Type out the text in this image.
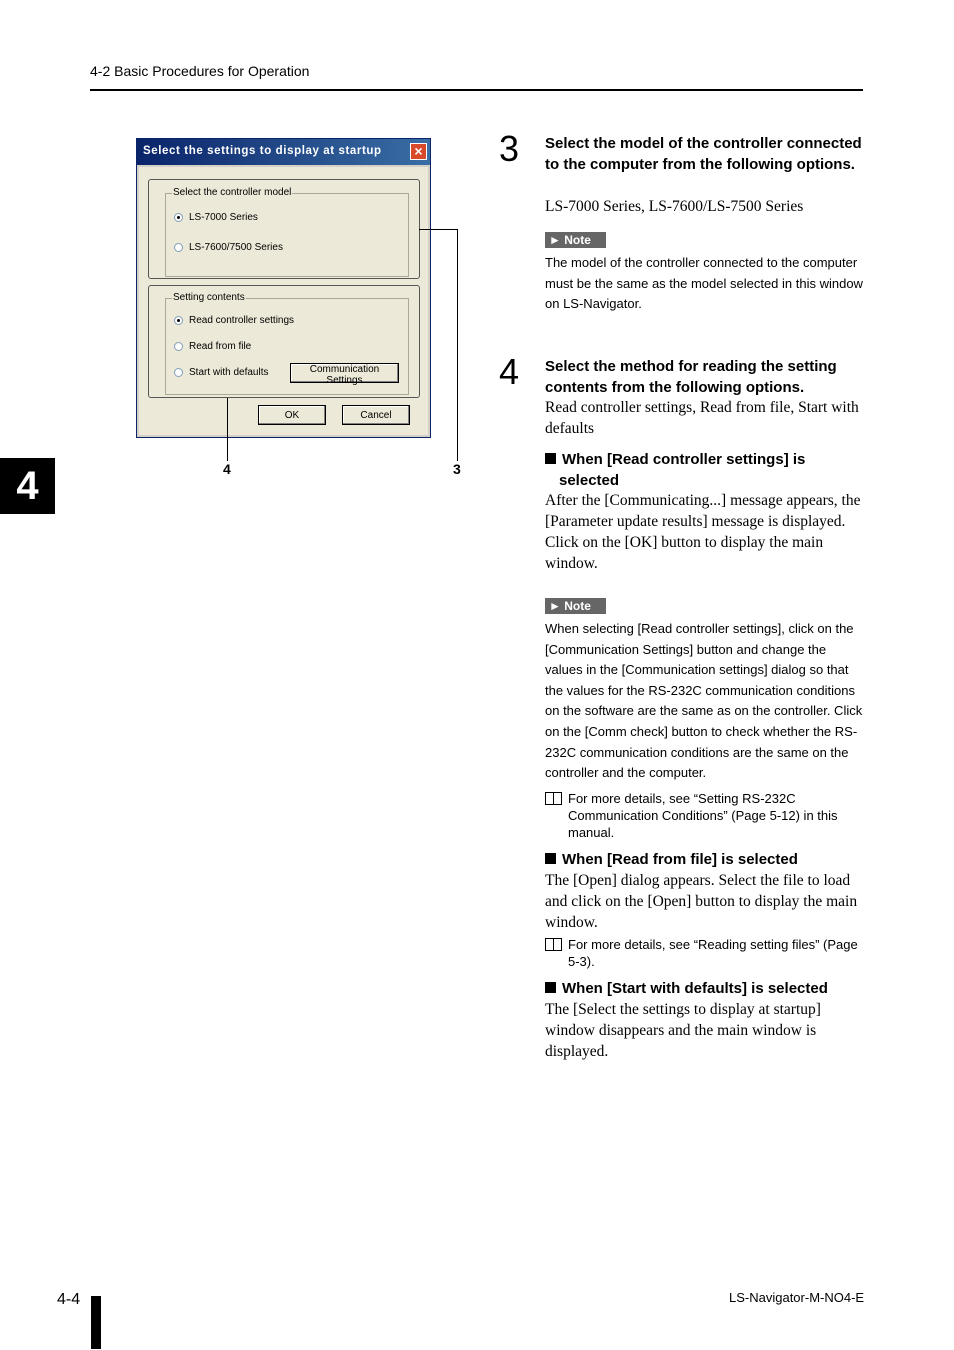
4-2 Basic Procedures for Operation
4
Select the settings to display at startup	×
Select the controller model
LS-7000 Series
LS-7600/7500 Series
Setting contents
Read controller settings
Read from file
Start with defaults	Communication Settings
OK	Cancel
4	3
3 Select the model of the controller connected to the computer from the following options.
LS-7000 Series, LS-7600/LS-7500 Series
► Note
The model of the controller connected to the computer must be the same as the model selected in this window on LS-Navigator.
4 Select the method for reading the setting contents from the following options.
Read controller settings, Read from file, Start with defaults
When [Read controller settings] is
selected
After the [Communicating...] message appears, the [Parameter update results] message is displayed. Click on the [OK] button to display the main window.
► Note
When selecting [Read controller settings], click on the [Communication Settings] button and change the values in the [Communication settings] dialog so that the values for the RS-232C communication conditions on the software are the same as on the controller. Click on the [Comm check] button to check whether the RS-232C communication conditions are the same on the controller and the computer.
For more details, see “Setting RS-232C Communication Conditions” (Page 5-12) in this manual.
When [Read from file] is selected
The [Open] dialog appears. Select the file to load and click on the [Open] button to display the main window.
For more details, see “Reading setting files” (Page 5-3).
When [Start with defaults] is selected
The [Select the settings to display at startup] window disappears and the main window is displayed.
4-4	LS-Navigator-M-NO4-E
